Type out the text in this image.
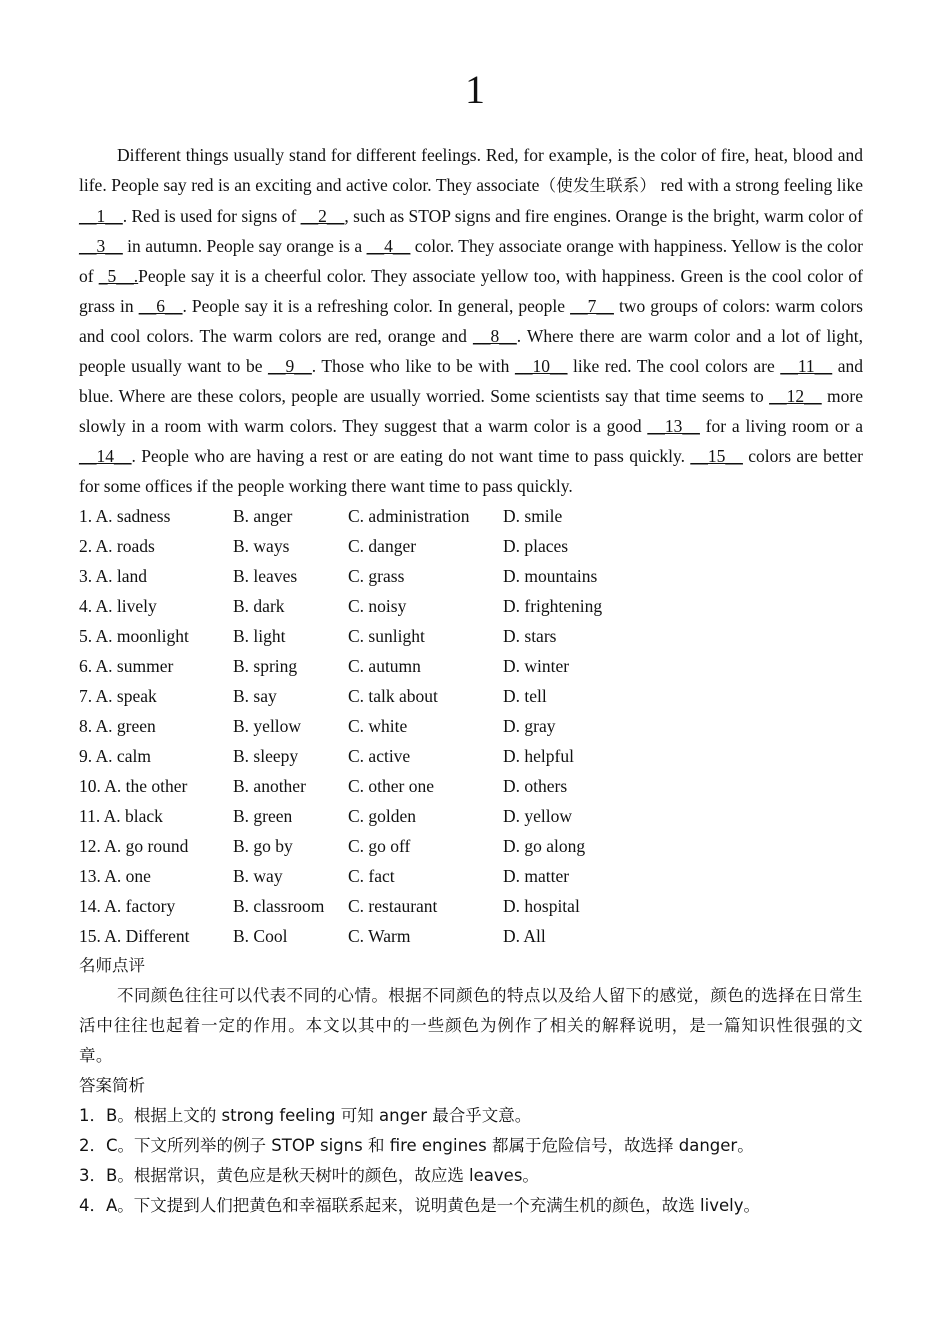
1

Different things usually stand for different feelings. Red, for example, is the color of fire, heat, blood and life. People say red is an exciting and active color. They associate（使发生联系） red with a strong feeling like __1__. Red is used for signs of __2__, such as STOP signs and fire engines. Orange is the bright, warm color of __3__ in autumn. People say orange is a __4__ color. They associate orange with happiness. Yellow is the color of _5__.People say it is a cheerful color. They associate yellow too, with happiness. Green is the cool color of grass in __6__. People say it is a refreshing color. In general, people __7__ two groups of colors: warm colors and cool colors. The warm colors are red, orange and __8__. Where there are warm color and a lot of light, people usually want to be __9__. Those who like to be with __10__ like red. The cool colors are __11__ and blue. Where are these colors, people are usually worried. Some scientists say that time seems to __12__ more slowly in a room with warm colors. They suggest that a warm color is a good __13__ for a living room or a __14__. People who are having a rest or are eating do not want time to pass quickly. __15__ colors are better for some offices if the people working there want time to pass quickly.

1. A. sadness	B. anger	C. administration	D. smile
2. A. roads	B. ways	C. danger	D. places
3. A. land	B. leaves	C. grass	D. mountains
4. A. lively	B. dark	C. noisy	D. frightening
5. A. moonlight	B. light	C. sunlight	D. stars
6. A. summer	B. spring	C. autumn	D. winter
7. A. speak	B. say	C. talk about	D. tell
8. A. green	B. yellow	C. white	D. gray
9. A. calm	B. sleepy	C. active	D. helpful
10. A. the other	B. another	C. other one	D. others
11. A. black	B. green	C. golden	D. yellow
12. A. go round	B. go by	C. go off	D. go along
13. A. one	B. way	C. fact	D. matter
14. A. factory	B. classroom	C. restaurant	D. hospital
15. A. Different	B. Cool	C. Warm	D. All

名师点评

不同颜色往往可以代表不同的心情。根据不同颜色的特点以及给人留下的感觉，颜色的选择在日常生活中往往也起着一定的作用。本文以其中的一些颜色为例作了相关的解释说明，是一篇知识性很强的文章。

答案简析

1．B。根据上文的 strong feeling 可知 anger 最合乎文意。

2．C。下文所列举的例子 STOP signs 和 fire engines 都属于危险信号，故选择 danger。

3．B。根据常识，黄色应是秋天树叶的颜色，故应选 leaves。

4．A。下文提到人们把黄色和幸福联系起来，说明黄色是一个充满生机的颜色，故选 lively。
